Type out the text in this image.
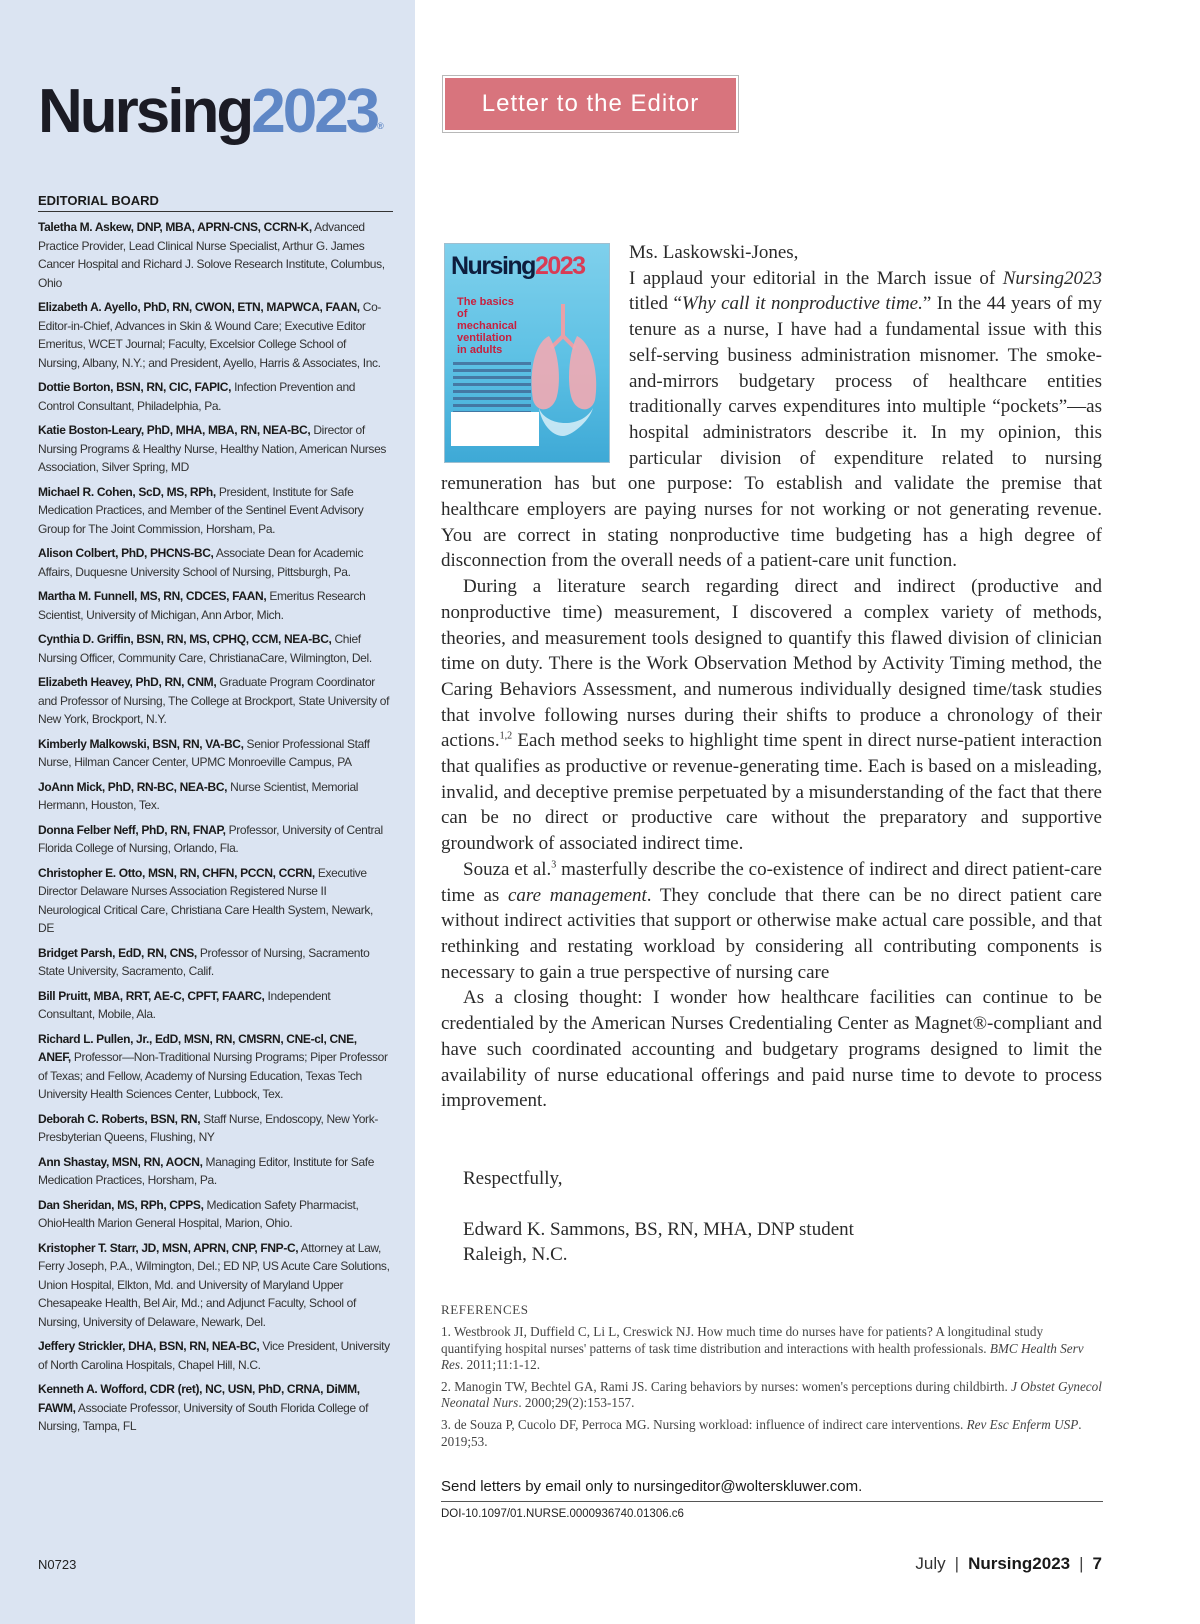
Nursing2023®
EDITORIAL BOARD
Taletha M. Askew, DNP, MBA, APRN-CNS, CCRN-K, Advanced Practice Provider, Lead Clinical Nurse Specialist, Arthur G. James Cancer Hospital and Richard J. Solove Research Institute, Columbus, Ohio
Elizabeth A. Ayello, PhD, RN, CWON, ETN, MAPWCA, FAAN, Co-Editor-in-Chief, Advances in Skin & Wound Care; Executive Editor Emeritus, WCET Journal; Faculty, Excelsior College School of Nursing, Albany, N.Y.; and President, Ayello, Harris & Associates, Inc.
Dottie Borton, BSN, RN, CIC, FAPIC, Infection Prevention and Control Consultant, Philadelphia, Pa.
Katie Boston-Leary, PhD, MHA, MBA, RN, NEA-BC, Director of Nursing Programs & Healthy Nurse, Healthy Nation, American Nurses Association, Silver Spring, MD
Michael R. Cohen, ScD, MS, RPh, President, Institute for Safe Medication Practices, and Member of the Sentinel Event Advisory Group for The Joint Commission, Horsham, Pa.
Alison Colbert, PhD, PHCNS-BC, Associate Dean for Academic Affairs, Duquesne University School of Nursing, Pittsburgh, Pa.
Martha M. Funnell, MS, RN, CDCES, FAAN, Emeritus Research Scientist, University of Michigan, Ann Arbor, Mich.
Cynthia D. Griffin, BSN, RN, MS, CPHQ, CCM, NEA-BC, Chief Nursing Officer, Community Care, ChristianaCare, Wilmington, Del.
Elizabeth Heavey, PhD, RN, CNM, Graduate Program Coordinator and Professor of Nursing, The College at Brockport, State University of New York, Brockport, N.Y.
Kimberly Malkowski, BSN, RN, VA-BC, Senior Professional Staff Nurse, Hilman Cancer Center, UPMC Monroeville Campus, PA
JoAnn Mick, PhD, RN-BC, NEA-BC, Nurse Scientist, Memorial Hermann, Houston, Tex.
Donna Felber Neff, PhD, RN, FNAP, Professor, University of Central Florida College of Nursing, Orlando, Fla.
Christopher E. Otto, MSN, RN, CHFN, PCCN, CCRN, Executive Director Delaware Nurses Association Registered Nurse II Neurological Critical Care, Christiana Care Health System, Newark, DE
Bridget Parsh, EdD, RN, CNS, Professor of Nursing, Sacramento State University, Sacramento, Calif.
Bill Pruitt, MBA, RRT, AE-C, CPFT, FAARC, Independent Consultant, Mobile, Ala.
Richard L. Pullen, Jr., EdD, MSN, RN, CMSRN, CNE-cl, CNE, ANEF, Professor—Non-Traditional Nursing Programs; Piper Professor of Texas; and Fellow, Academy of Nursing Education, Texas Tech University Health Sciences Center, Lubbock, Tex.
Deborah C. Roberts, BSN, RN, Staff Nurse, Endoscopy, New York-Presbyterian Queens, Flushing, NY
Ann Shastay, MSN, RN, AOCN, Managing Editor, Institute for Safe Medication Practices, Horsham, Pa.
Dan Sheridan, MS, RPh, CPPS, Medication Safety Pharmacist, OhioHealth Marion General Hospital, Marion, Ohio.
Kristopher T. Starr, JD, MSN, APRN, CNP, FNP-C, Attorney at Law, Ferry Joseph, P.A., Wilmington, Del.; ED NP, US Acute Care Solutions, Union Hospital, Elkton, Md. and University of Maryland Upper Chesapeake Health, Bel Air, Md.; and Adjunct Faculty, School of Nursing, University of Delaware, Newark, Del.
Jeffery Strickler, DHA, BSN, RN, NEA-BC, Vice President, University of North Carolina Hospitals, Chapel Hill, N.C.
Kenneth A. Wofford, CDR (ret), NC, USN, PhD, CRNA, DiMM, FAWM, Associate Professor, University of South Florida College of Nursing, Tampa, FL
N0723
Letter to the Editor
Nursing2023
The basics of mechanical ventilation in adults

Ms. Laskowski-Jones,

I applaud your editorial in the March issue of Nursing2023 titled “Why call it nonproductive time.” In the 44 years of my tenure as a nurse, I have had a fundamental issue with this self-serving business administration misnomer. The smoke-and-mirrors budgetary process of healthcare entities traditionally carves expenditures into multiple “pockets”—as hospital administrators describe it. In my opinion, this particular division of expenditure related to nursing remuneration has but one purpose: To establish and validate the premise that healthcare employers are paying nurses for not working or not generating revenue. You are correct in stating nonproductive time budgeting has a high degree of disconnection from the overall needs of a patient-care unit function.

During a literature search regarding direct and indirect (productive and nonproductive time) measurement, I discovered a complex variety of methods, theories, and measurement tools designed to quantify this flawed division of clinician time on duty. There is the Work Observation Method by Activity Timing method, the Caring Behaviors Assessment, and numerous individually designed time/task studies that involve following nurses during their shifts to produce a chronology of their actions.$^{1,2}$ Each method seeks to highlight time spent in direct nurse-patient interaction that qualifies as productive or revenue-generating time. Each is based on a misleading, invalid, and deceptive premise perpetuated by a misunderstanding of the fact that there can be no direct or productive care without the preparatory and supportive groundwork of associated indirect time.

Souza et al.$^3$ masterfully describe the co-existence of indirect and direct patient-care time as care management. They conclude that there can be no direct patient care without indirect activities that support or otherwise make actual care possible, and that rethinking and restating workload by considering all contributing components is necessary to gain a true perspective of nursing care

As a closing thought: I wonder how healthcare facilities can continue to be credentialed by the American Nurses Credentialing Center as Magnet®-compliant and have such coordinated accounting and budgetary programs designed to limit the availability of nurse educational offerings and paid nurse time to devote to process improvement.

Respectfully,
Edward K. Sammons, BS, RN, MHA, DNP student
Raleigh, N.C.
REFERENCES
1. Westbrook JI, Duffield C, Li L, Creswick NJ. How much time do nurses have for patients? A longitudinal study quantifying hospital nurses' patterns of task time distribution and interactions with health professionals. BMC Health Serv Res. 2011;11:1-12.
2. Manogin TW, Bechtel GA, Rami JS. Caring behaviors by nurses: women's perceptions during childbirth. J Obstet Gynecol Neonatal Nurs. 2000;29(2):153-157.
3. de Souza P, Cucolo DF, Perroca MG. Nursing workload: influence of indirect care interventions. Rev Esc Enferm USP. 2019;53.
Send letters by email only to nursingeditor@wolterskluwer.com.
DOI-10.1097/01.NURSE.0000936740.01306.c6
July | Nursing2023 | 7
